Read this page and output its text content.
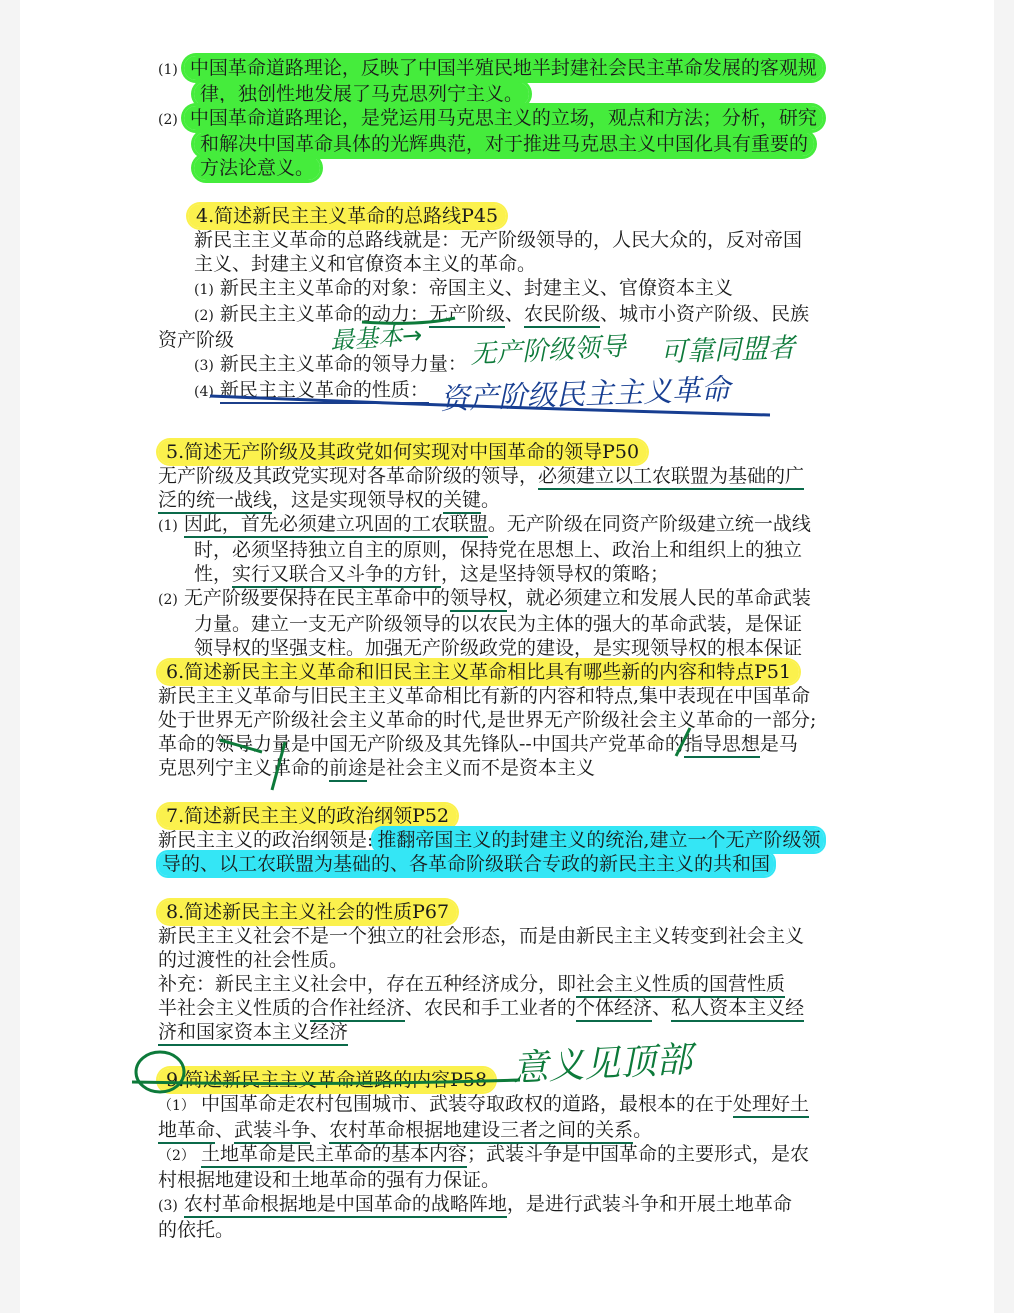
(1) 中国革命道路理论，反映了中国半殖民地半封建社会民主革命发展的客观规
律，独创性地发展了马克思列宁主义。
(2) 中国革命道路理论，是党运用马克思主义的立场，观点和方法；分析，研究
和解决中国革命具体的光辉典范，对于推进马克思主义中国化具有重要的
方法论意义。
4.简述新民主主义革命的总路线P45
新民主主义革命的总路线就是：无产阶级领导的，人民大众的，反对帝国
主义、封建主义和官僚资本主义的革命。
(1) 新民主主义革命的对象：帝国主义、封建主义、官僚资本主义
(2) 新民主主义革命的动力：无产阶级、农民阶级、城市小资产阶级、民族
资产阶级
(3) 新民主主义革命的领导力量：
(4) 新民主主义革命的性质：
5.简述无产阶级及其政党如何实现对中国革命的领导P50
无产阶级及其政党实现对各革命阶级的领导，必须建立以工农联盟为基础的广
泛的统一战线，这是实现领导权的关键。
(1) 因此，首先必须建立巩固的工农联盟。无产阶级在同资产阶级建立统一战线
时，必须坚持独立自主的原则，保持党在思想上、政治上和组织上的独立
性，实行又联合又斗争的方针，这是坚持领导权的策略；
(2) 无产阶级要保持在民主革命中的领导权，就必须建立和发展人民的革命武装
力量。建立一支无产阶级领导的以农民为主体的强大的革命武装，是保证
领导权的坚强支柱。加强无产阶级政党的建设，是实现领导权的根本保证
6.简述新民主主义革命和旧民主主义革命相比具有哪些新的内容和特点P51
新民主主义革命与旧民主主义革命相比有新的内容和特点,集中表现在中国革命
处于世界无产阶级社会主义革命的时代,是世界无产阶级社会主义革命的一部分;
革命的领导力量是中国无产阶级及其先锋队--中国共产党革命的指导思想是马
克思列宁主义革命的前途是社会主义而不是资本主义
7.简述新民主主义的政治纲领P52
新民主主义的政治纲领是: 推翻帝国主义的封建主义的统治,建立一个无产阶级领
导的、以工农联盟为基础的、各革命阶级联合专政的新民主主义的共和国
8.简述新民主主义社会的性质P67
新民主主义社会不是一个独立的社会形态，而是由新民主主义转变到社会主义
的过渡性的社会性质。
补充：新民主主义社会中，存在五种经济成分，即社会主义性质的国营性质
半社会主义性质的合作社经济、农民和手工业者的个体经济、私人资本主义经
济和国家资本主义经济
9.简述新民主主义革命道路的内容P58
（1） 中国革命走农村包围城市、武装夺取政权的道路，最根本的在于处理好土
地革命、武装斗争、农村革命根据地建设三者之间的关系。
（2） 土地革命是民主革命的基本内容；武装斗争是中国革命的主要形式，是农
村根据地建设和土地革命的强有力保证。
(3) 农村革命根据地是中国革命的战略阵地，是进行武装斗争和开展土地革命
的依托。
最基本→ 无产阶级领导 可靠同盟者
资产阶级民主主义革命
意义见顶部
